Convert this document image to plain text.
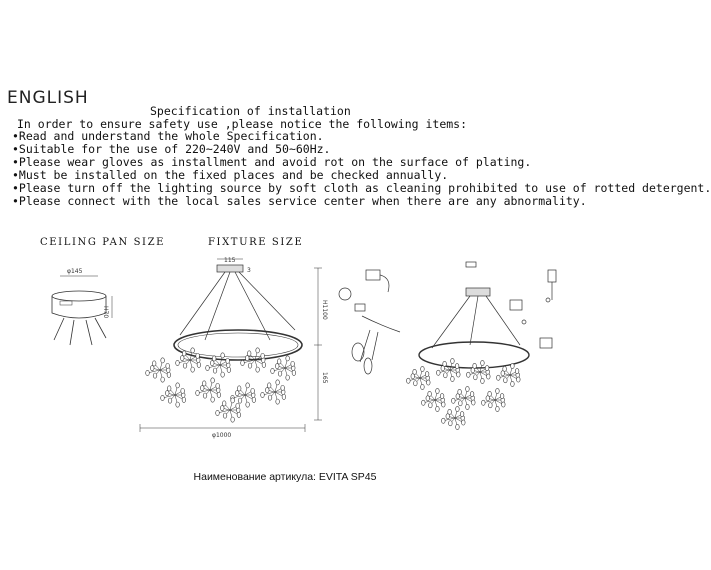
ENGLISH
Specification of installation
In order to ensure safety use ,please notice the following items:
•Read and understand the whole Specification.
•Suitable for the use of 220~240V and 50~60Hz.
•Please wear gloves as installment and avoid rot on the surface of plating.
•Must be installed on the fixed places and be checked annually.
•Please turn off the lighting source by soft cloth as cleaning prohibited to use of rotted detergent.
•Please connect with the local sales service center when there are any abnormality.
CEILING PAN SIZE	FIXTURE SIZE
φ145
H70
115
3
H1100
165
φ1000
Наименование артикула: EVITA SP45
